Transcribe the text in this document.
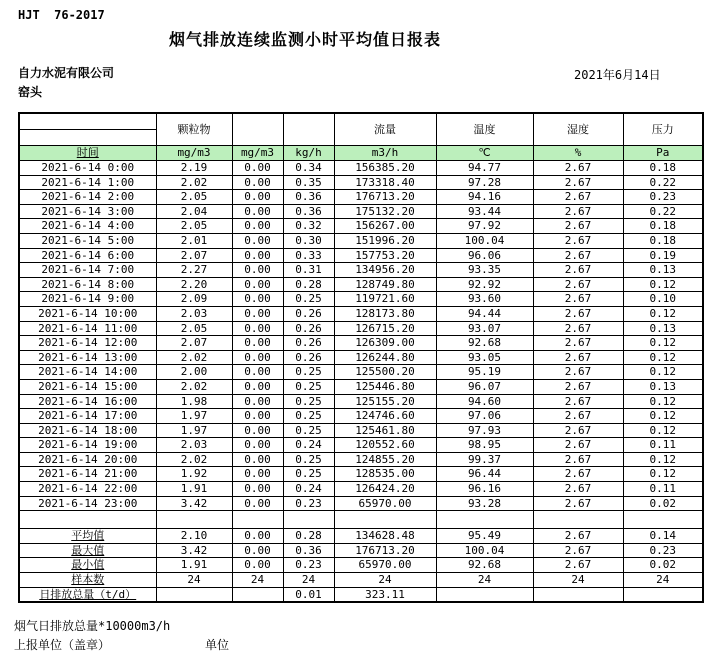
HJT  76-2017
烟气排放连续监测小时平均值日报表
自力水泥有限公司
窑头
2021年6月14日
	颗粒物			流量	温度	湿度	压力

时间	mg/m3	mg/m3	kg/h	m3/h	℃	%	Pa
2021-6-14 0:00	2.19	0.00	0.34	156385.20	94.77	2.67	0.18
2021-6-14 1:00	2.02	0.00	0.35	173318.40	97.28	2.67	0.22
2021-6-14 2:00	2.05	0.00	0.36	176713.20	94.16	2.67	0.23
2021-6-14 3:00	2.04	0.00	0.36	175132.20	93.44	2.67	0.22
2021-6-14 4:00	2.05	0.00	0.32	156267.00	97.92	2.67	0.18
2021-6-14 5:00	2.01	0.00	0.30	151996.20	100.04	2.67	0.18
2021-6-14 6:00	2.07	0.00	0.33	157753.20	96.06	2.67	0.19
2021-6-14 7:00	2.27	0.00	0.31	134956.20	93.35	2.67	0.13
2021-6-14 8:00	2.20	0.00	0.28	128749.80	92.92	2.67	0.12
2021-6-14 9:00	2.09	0.00	0.25	119721.60	93.60	2.67	0.10
2021-6-14 10:00	2.03	0.00	0.26	128173.80	94.44	2.67	0.12
2021-6-14 11:00	2.05	0.00	0.26	126715.20	93.07	2.67	0.13
2021-6-14 12:00	2.07	0.00	0.26	126309.00	92.68	2.67	0.12
2021-6-14 13:00	2.02	0.00	0.26	126244.80	93.05	2.67	0.12
2021-6-14 14:00	2.00	0.00	0.25	125500.20	95.19	2.67	0.12
2021-6-14 15:00	2.02	0.00	0.25	125446.80	96.07	2.67	0.13
2021-6-14 16:00	1.98	0.00	0.25	125155.20	94.60	2.67	0.12
2021-6-14 17:00	1.97	0.00	0.25	124746.60	97.06	2.67	0.12
2021-6-14 18:00	1.97	0.00	0.25	125461.80	97.93	2.67	0.12
2021-6-14 19:00	2.03	0.00	0.24	120552.60	98.95	2.67	0.11
2021-6-14 20:00	2.02	0.00	0.25	124855.20	99.37	2.67	0.12
2021-6-14 21:00	1.92	0.00	0.25	128535.00	96.44	2.67	0.12
2021-6-14 22:00	1.91	0.00	0.24	126424.20	96.16	2.67	0.11
2021-6-14 23:00	3.42	0.00	0.23	65970.00	93.28	2.67	0.02

平均值	2.10	0.00	0.28	134628.48	95.49	2.67	0.14
最大值	3.42	0.00	0.36	176713.20	100.04	2.67	0.23
最小值	1.91	0.00	0.23	65970.00	92.68	2.67	0.02
样本数	24	24	24	24	24	24	24
日排放总量（t/d）			0.01	323.11			
烟气日排放总量*10000m3/h
上报单位（盖章）	单位
